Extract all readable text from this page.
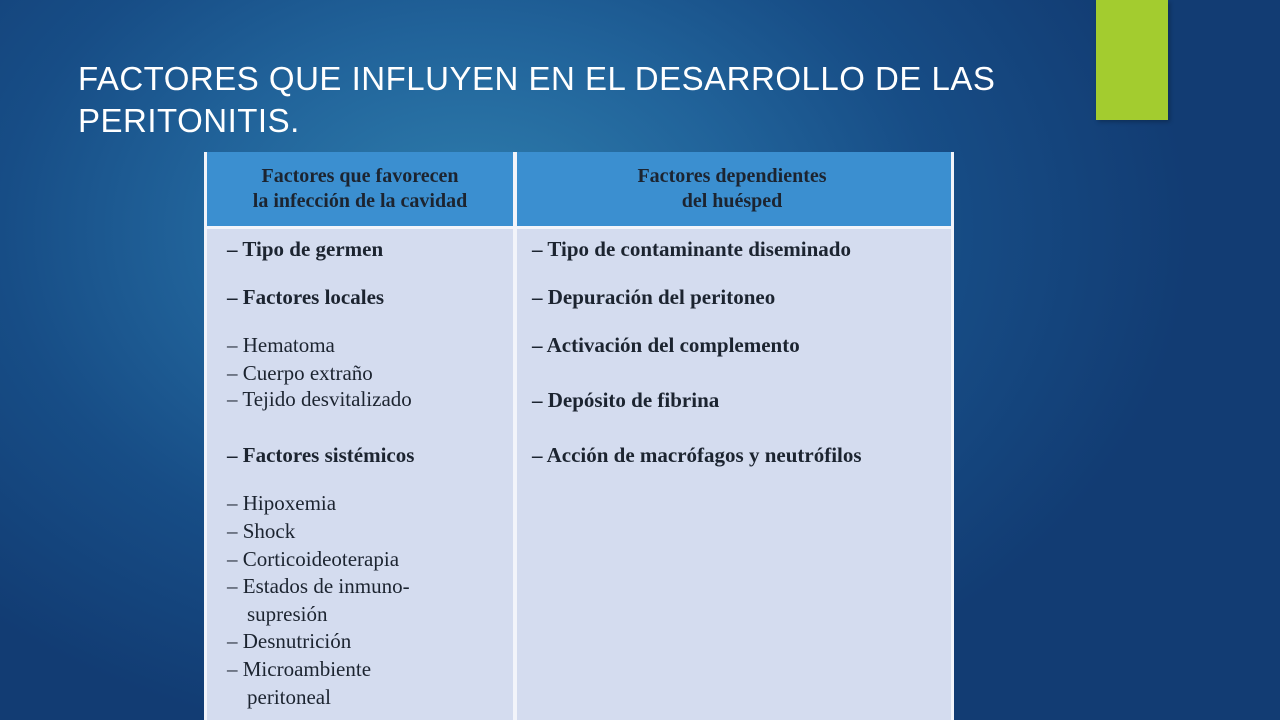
FACTORES QUE INFLUYEN EN EL DESARROLLO DE LAS PERITONITIS.
Factores que favorecen
la infección de la cavidad
Factores dependientes
del huésped
– Tipo de germen
– Factores locales
– Hematoma
– Cuerpo extraño
– Tejido desvitalizado
– Factores sistémicos
– Hipoxemia
– Shock
– Corticoideoterapia
– Estados de inmuno-
supresión
– Desnutrición
– Microambiente
peritoneal
– Tipo de contaminante diseminado
– Depuración del peritoneo
– Activación del complemento
– Depósito de fibrina
– Acción de macrófagos y neutrófilos
